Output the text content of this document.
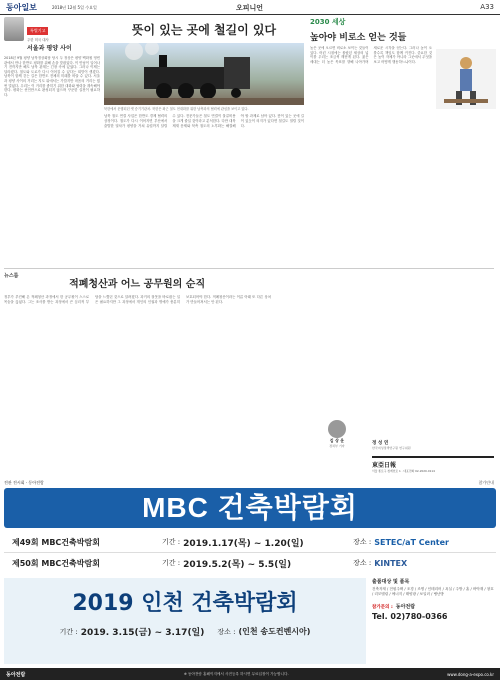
동아일보	2018년 12월 5일 수요일	오피니언	A33
특별기고
주한 미국 대사
서울과 평양 사이
2018년 9월 평양 남북정상회담 당시 두 정상은 평양 백화원 영빈관에서 만나 한반도 평화를 위해 손을 맞잡았다. 이 만남이 일어나기 전까지만 해도 남북 관계는 긴장 속에 있었다. 그러나 이제는 달라졌다. 철도와 도로가 다시 이어질 수 있다는 희망이 생겼다. 남북이 함께 걷는 길은 한반도 전체의 미래를 바꿀 수 있다. 서울과 평양 사이의 거리는 지도 위에서는 가깝지만 마음의 거리는 훨씬 멀었다. 우리는 이 거리를 좁히기 위한 대화와 협력을 계속해야 한다. 평화는 선언만으로 완성되지 않으며 꾸준한 실천이 필요하다.
뜻이 있는 곳에 철길이 있다
북한에서 운행되던 옛 증기기관차. 북한은 최근 철도 현대화를 위한 남측과의 협력에 관심을 보이고 있다.
남북 철도 연결 사업은 한반도 경제 협력의 상징이다. 철도가 다시 이어지면 부산에서 출발한 열차가 평양을 거쳐 유럽까지 달릴 수 있다. 전문가들은 철도 연결이 물류비용을 크게 줄일 것이라고 분석한다. 다만 대북 제재 문제와 북측 철도의 노후화는 해결해야 할 과제로 남아 있다. 뜻이 있는 곳에 길이 있듯이 의지가 있다면 철길도 열릴 것이다.
2030 세상
높아야 비로소 얻는 것들
높은 곳에 오르면 비로소 보이는 것들이 있다. 어린 시절에는 몰랐던 세상의 넓이를 우리는 조금씩 깨닫게 된다. 젊은 세대는 더 높은 목표를 향해 나아가며 새로운 시각을 얻는다. 그러나 높이 오를수록 책임도 함께 커진다. 중요한 것은 높이 자체가 아니라 그곳에서 무엇을 보고 어떻게 행동하느냐이다.
뉴스룸 적폐청산과 어느 공무원의 순직
정부가 추진해 온 적폐청산 과정에서 한 공무원이 스스로 목숨을 끊었다. 그는 조사를 받는 과정에서 큰 심리적 부담을 느꼈던 것으로 알려졌다. 과거의 잘못을 바로잡는 일은 필요하지만 그 과정에서 개인의 인권과 명예가 충분히 보호되어야 한다. 적폐청산이라는 이름 아래 또 다른 상처가 만들어져서는 안 된다.
김 상 운
정치부 기자	정 성 연
한국여성정책연구원 연구위원
東亞日報
서울 종로구 청계천로 1 · 대표전화 02-2020-0114
전관 전시회 · 동아전람	참가안내
MBC 건축박람회
제49회 MBC건축박람회	기간 : 2019.1.17(목) ~ 1.20(일)	장소 : SETEC/aT Center
제50회 MBC건축박람회	기간 : 2019.5.2(목) ~ 5.5(일)	장소 : KINTEX
2019 인천 건축박람회
기간 : 2019. 3.15(금) ~ 3.17(일) 장소 : (인천 송도컨벤시아)
출품대상 및 품목
건축자재 / 전원주택 / 조경 / 조명 / 인테리어 / 욕실 / 주방 / 홈 / 바닥재 / 창호 / 리모델링 / 에너지 / 태양광 / 보일러 / 냉난방
참가문의 : 동아전람
Tel. 02)780-0366
동아전람	※ 동아전람 홈페이지에서 사전등록 하시면 무료입장이 가능합니다.	www.dong-a-expo.co.kr
